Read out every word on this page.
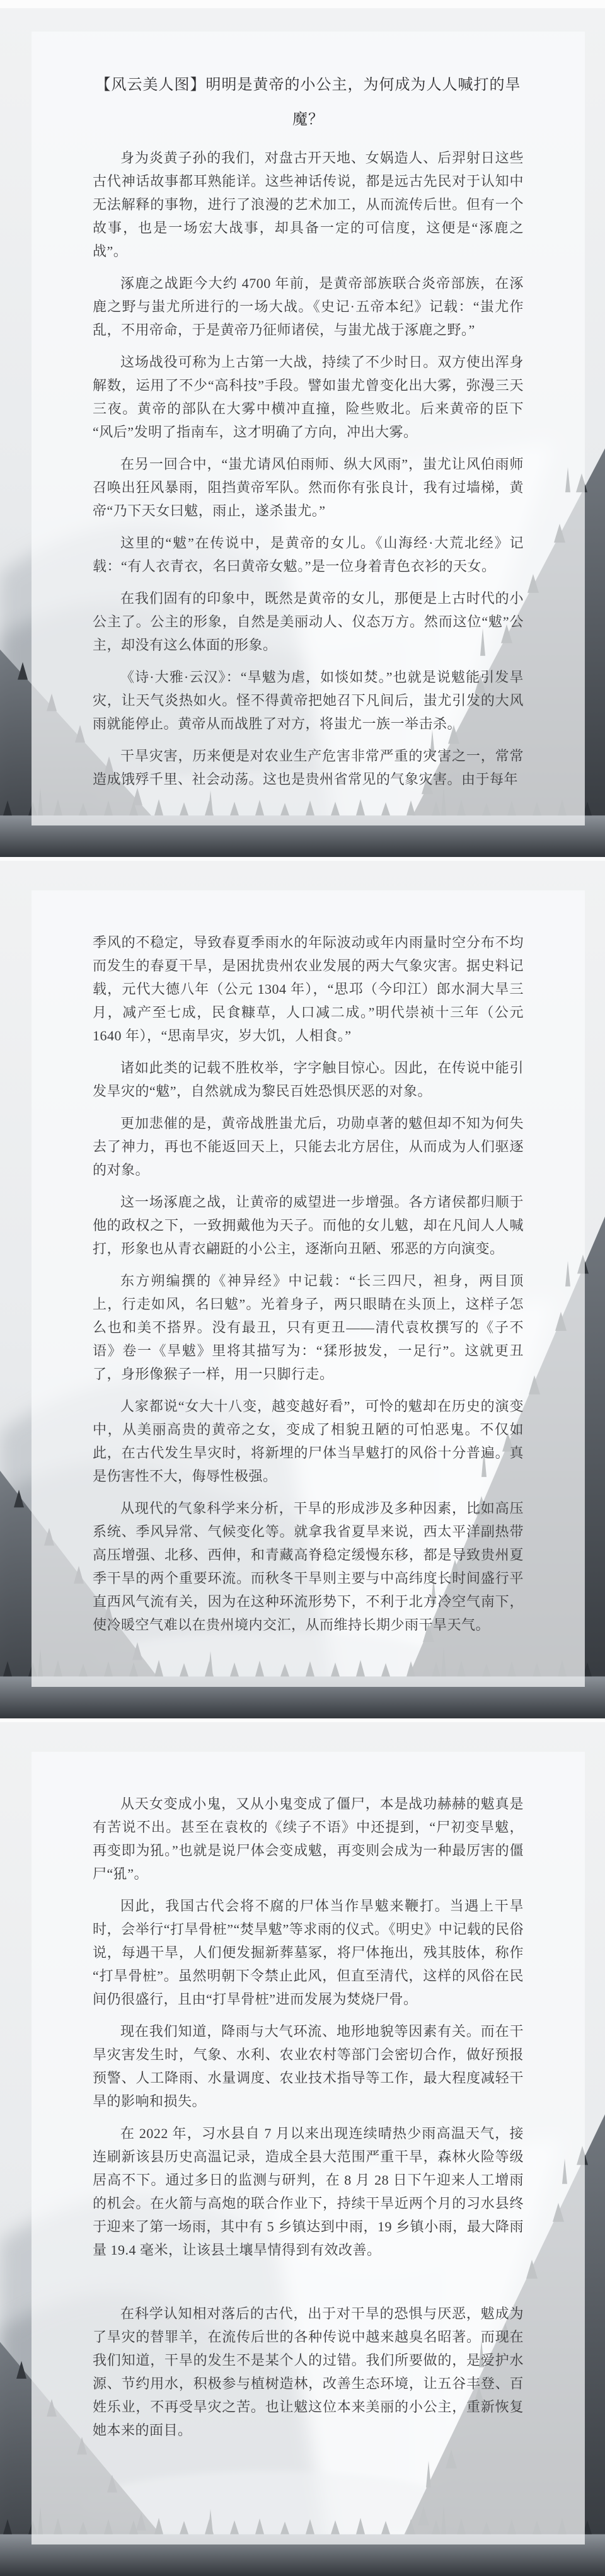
【风云美人图】明明是黄帝的小公主，为何成为人人喊打的旱魔？

身为炎黄子孙的我们，对盘古开天地、女娲造人、后羿射日这些古代神话故事都耳熟能详。这些神话传说，都是远古先民对于认知中无法解释的事物，进行了浪漫的艺术加工，从而流传后世。但有一个故事，也是一场宏大战事，却具备一定的可信度，这便是“涿鹿之战”。

涿鹿之战距今大约 4700 年前，是黄帝部族联合炎帝部族，在涿鹿之野与蚩尤所进行的一场大战。《史记·五帝本纪》记载：“蚩尤作乱，不用帝命，于是黄帝乃征师诸侯，与蚩尤战于涿鹿之野。”

这场战役可称为上古第一大战，持续了不少时日。双方使出浑身解数，运用了不少“高科技”手段。譬如蚩尤曾变化出大雾，弥漫三天三夜。黄帝的部队在大雾中横冲直撞，险些败北。后来黄帝的臣下“风后”发明了指南车，这才明确了方向，冲出大雾。

在另一回合中，“蚩尤请风伯雨师、纵大风雨”，蚩尤让风伯雨师召唤出狂风暴雨，阻挡黄帝军队。然而你有张良计，我有过墙梯，黄帝“乃下天女曰魃，雨止，遂杀蚩尤。”

这里的“魃”在传说中，是黄帝的女儿。《山海经·大荒北经》记载：“有人衣青衣，名曰黄帝女魃。”是一位身着青色衣衫的天女。

在我们固有的印象中，既然是黄帝的女儿，那便是上古时代的小公主了。公主的形象，自然是美丽动人、仪态万方。然而这位“魃”公主，却没有这么体面的形象。

《诗·大雅·云汉》：“旱魃为虐，如惔如焚。”也就是说魃能引发旱灾，让天气炎热如火。怪不得黄帝把她召下凡间后，蚩尤引发的大风雨就能停止。黄帝从而战胜了对方，将蚩尤一族一举击杀。

干旱灾害，历来便是对农业生产危害非常严重的灾害之一，常常造成饿殍千里、社会动荡。这也是贵州省常见的气象灾害。由于每年

季风的不稳定，导致春夏季雨水的年际波动或年内雨量时空分布不均而发生的春夏干旱，是困扰贵州农业发展的两大气象灾害。据史料记载，元代大德八年（公元 1304 年），“思邛（今印江）郎水洞大旱三月，减产至七成，民食糠草，人口减二成。”明代崇祯十三年（公元 1640 年），“思南旱灾，岁大饥，人相食。”

诸如此类的记载不胜枚举，字字触目惊心。因此，在传说中能引发旱灾的“魃”，自然就成为黎民百姓恐惧厌恶的对象。

更加悲催的是，黄帝战胜蚩尤后，功勋卓著的魃但却不知为何失去了神力，再也不能返回天上，只能去北方居住，从而成为人们驱逐的对象。

这一场涿鹿之战，让黄帝的威望进一步增强。各方诸侯都归顺于他的政权之下，一致拥戴他为天子。而他的女儿魃，却在凡间人人喊打，形象也从青衣翩跹的小公主，逐渐向丑陋、邪恶的方向演变。

东方朔编撰的《神异经》中记载：“长三四尺，袒身，两目顶上，行走如风，名曰魃”。光着身子，两只眼睛在头顶上，这样子怎么也和美不搭界。没有最丑，只有更丑——清代袁枚撰写的《子不语》卷一《旱魃》里将其描写为：“猱形披发，一足行”。这就更丑了，身形像猴子一样，用一只脚行走。

人家都说“女大十八变，越变越好看”，可怜的魃却在历史的演变中，从美丽高贵的黄帝之女，变成了相貌丑陋的可怕恶鬼。不仅如此，在古代发生旱灾时，将新埋的尸体当旱魃打的风俗十分普遍。真是伤害性不大，侮辱性极强。

从现代的气象科学来分析，干旱的形成涉及多种因素，比如高压系统、季风异常、气候变化等。就拿我省夏旱来说，西太平洋副热带高压增强、北移、西伸，和青藏高脊稳定缓慢东移，都是导致贵州夏季干旱的两个重要环流。而秋冬干旱则主要与中高纬度长时间盛行平直西风气流有关，因为在这种环流形势下，不利于北方冷空气南下，使冷暖空气难以在贵州境内交汇，从而维持长期少雨干旱天气。

从天女变成小鬼，又从小鬼变成了僵尸，本是战功赫赫的魃真是有苦说不出。甚至在袁枚的《续子不语》中还提到，“尸初变旱魃，再变即为犼。”也就是说尸体会变成魃，再变则会成为一种最厉害的僵尸“犼”。

因此，我国古代会将不腐的尸体当作旱魃来鞭打。当遇上干旱时，会举行“打旱骨桩”“焚旱魃”等求雨的仪式。《明史》中记载的民俗说，每遇干旱，人们便发掘新葬墓冢，将尸体拖出，残其肢体，称作“打旱骨桩”。虽然明朝下令禁止此风，但直至清代，这样的风俗在民间仍很盛行，且由“打旱骨桩”进而发展为焚烧尸骨。

现在我们知道，降雨与大气环流、地形地貌等因素有关。而在干旱灾害发生时，气象、水利、农业农村等部门会密切合作，做好预报预警、人工降雨、水量调度、农业技术指导等工作，最大程度减轻干旱的影响和损失。

在 2022 年，习水县自 7 月以来出现连续晴热少雨高温天气，接连刷新该县历史高温记录，造成全县大范围严重干旱，森林火险等级居高不下。通过多日的监测与研判，在 8 月 28 日下午迎来人工增雨的机会。在火箭与高炮的联合作业下，持续干旱近两个月的习水县终于迎来了第一场雨，其中有 5 乡镇达到中雨，19 乡镇小雨，最大降雨量 19.4 毫米，让该县土壤旱情得到有效改善。

在科学认知相对落后的古代，出于对干旱的恐惧与厌恶，魃成为了旱灾的替罪羊，在流传后世的各种传说中越来越臭名昭著。而现在我们知道，干旱的发生不是某个人的过错。我们所要做的，是爱护水源、节约用水，积极参与植树造林，改善生态环境，让五谷丰登、百姓乐业，不再受旱灾之苦。也让魃这位本来美丽的小公主，重新恢复她本来的面目。
